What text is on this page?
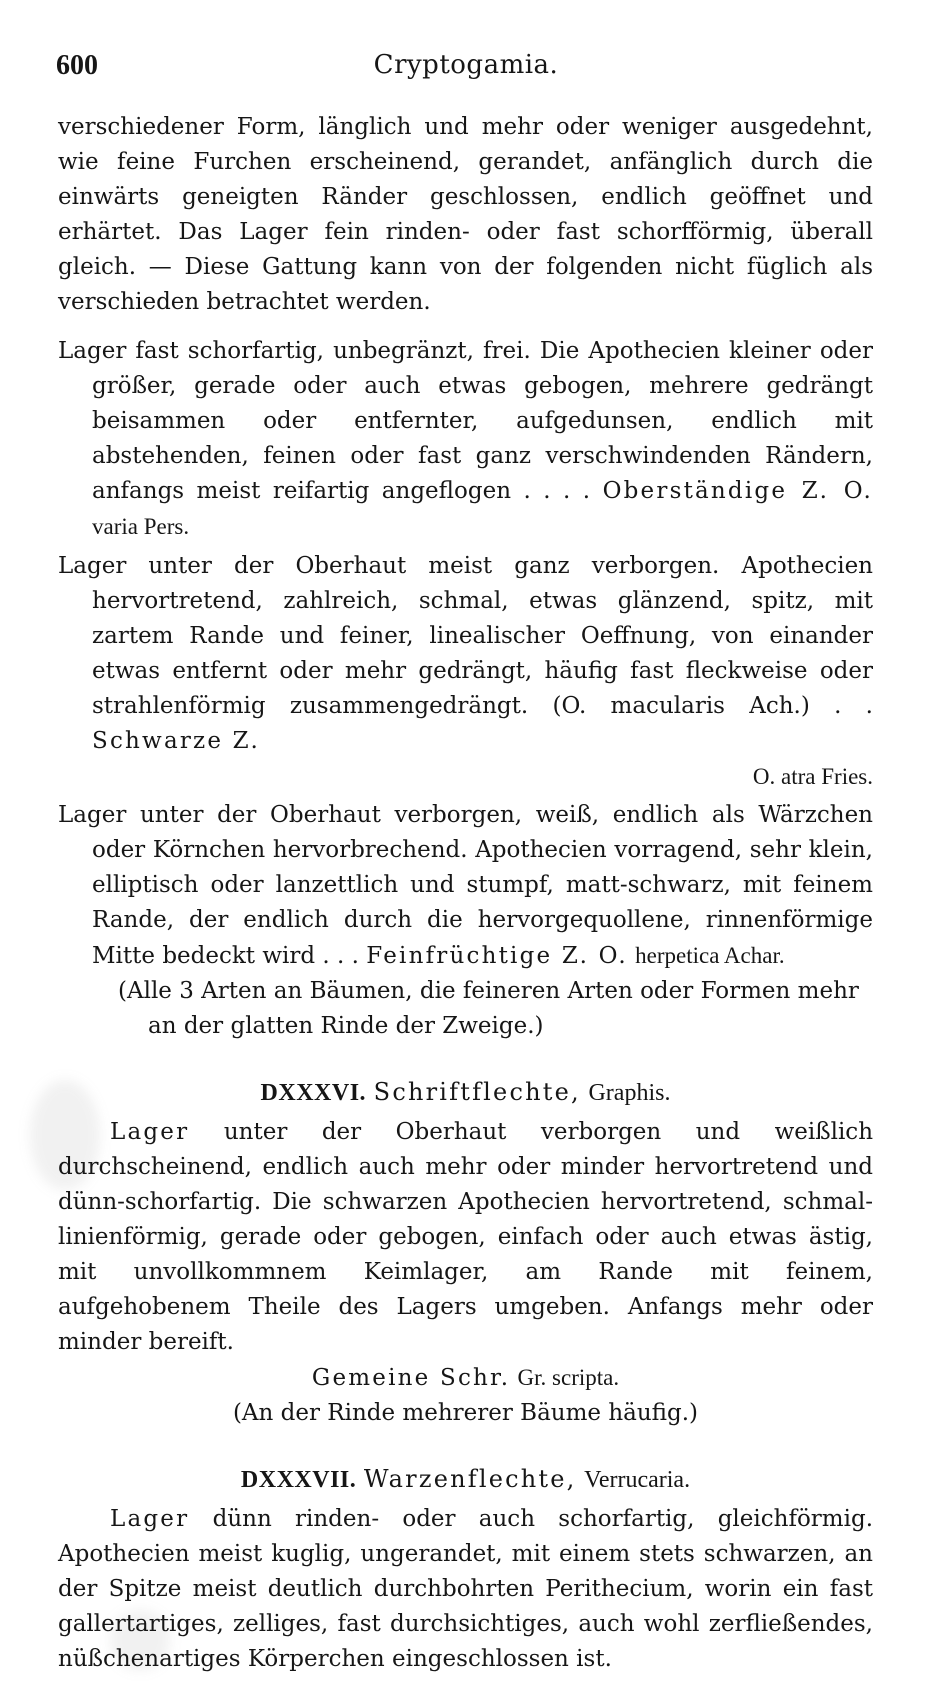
600	Cryptogamia.

verschiedener Form, länglich und mehr oder weniger ausgedehnt, wie feine Furchen erscheinend, gerandet, anfänglich durch die einwärts geneigten Ränder geschlossen, endlich geöffnet und erhärtet. Das Lager fein rinden- oder fast schorfförmig, überall gleich. — Diese Gattung kann von der folgenden nicht füglich als verschieden betrachtet werden.

Lager fast schorfartig, unbegränzt, frei. Die Apothecien kleiner oder größer, gerade oder auch etwas gebogen, mehrere gedrängt beisammen oder entfernter, aufgedunsen, endlich mit abstehenden, feinen oder fast ganz verschwindenden Rändern, anfangs meist reifartig angeflogen . . . . Oberständige Z. O. varia Pers.

Lager unter der Oberhaut meist ganz verborgen. Apothecien hervortretend, zahlreich, schmal, etwas glänzend, spitz, mit zartem Rande und feiner, linealischer Oeffnung, von einander etwas entfernt oder mehr gedrängt, häufig fast fleckweise oder strahlenförmig zusammengedrängt. (O. macularis Ach.) . . Schwarze Z.

O. atra Fries.

Lager unter der Oberhaut verborgen, weiß, endlich als Wärzchen oder Körnchen hervorbrechend. Apothecien vorragend, sehr klein, elliptisch oder lanzettlich und stumpf, matt-schwarz, mit feinem Rande, der endlich durch die hervorgequollene, rinnenförmige Mitte bedeckt wird . . . Feinfrüchtige Z. O. herpetica Achar.

(Alle 3 Arten an Bäumen, die feineren Arten oder Formen mehr an der glatten Rinde der Zweige.)

DXXXVI. Schriftflechte, Graphis.

Lager unter der Oberhaut verborgen und weißlich durchscheinend, endlich auch mehr oder minder hervortretend und dünn-schorfartig. Die schwarzen Apothecien hervortretend, schmal-linienförmig, gerade oder gebogen, einfach oder auch etwas ästig, mit unvollkommnem Keimlager, am Rande mit feinem, aufgehobenem Theile des Lagers umgeben. Anfangs mehr oder minder bereift.

Gemeine Schr. Gr. scripta.

(An der Rinde mehrerer Bäume häufig.)

DXXXVII. Warzenflechte, Verrucaria.

Lager dünn rinden- oder auch schorfartig, gleichförmig. Apothecien meist kuglig, ungerandet, mit einem stets schwarzen, an der Spitze meist deutlich durchbohrten Perithecium, worin ein fast gallertartiges, zelliges, fast durchsichtiges, auch wohl zerfließendes, nüßchenartiges Körperchen eingeschlossen ist.
